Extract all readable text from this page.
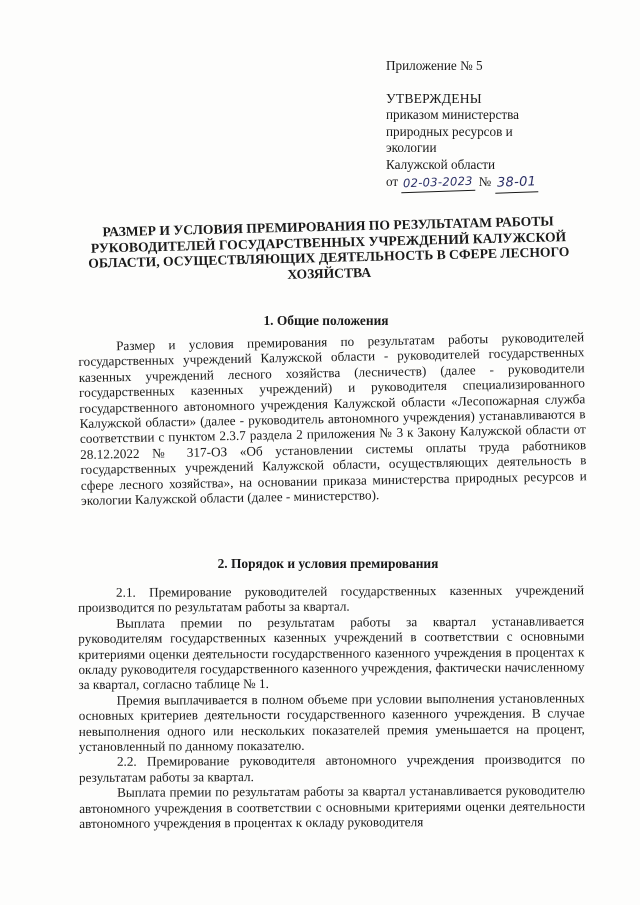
Приложение № 5

УТВЕРЖДЕНЫ

приказом министерства

природных ресурсов и

экологии

Калужской области

от 02-03-2023 № 38-01

РАЗМЕР И УСЛОВИЯ ПРЕМИРОВАНИЯ ПО РЕЗУЛЬТАТАМ РАБОТЫ РУКОВОДИТЕЛЕЙ ГОСУДАРСТВЕННЫХ УЧРЕЖДЕНИЙ КАЛУЖСКОЙ ОБЛАСТИ, ОСУЩЕСТВЛЯЮЩИХ ДЕЯТЕЛЬНОСТЬ В СФЕРЕ ЛЕСНОГО ХОЗЯЙСТВА
1. Общие положения

Размер и условия премирования по результатам работы руководителей государственных учреждений Калужской области - руководителей государственных казенных учреждений лесного хозяйства (лесничеств) (далее - руководители государственных казенных учреждений) и руководителя специализированного государственного автономного учреждения Калужской области «Лесопожарная служба Калужской области» (далее - руководитель автономного учреждения) устанавливаются в соответствии с пунктом 2.3.7 раздела 2 приложения № 3 к Закону Калужской области от 28.12.2022 № 317-ОЗ «Об установлении системы оплаты труда работников государственных учреждений Калужской области, осуществляющих деятельность в сфере лесного хозяйства», на основании приказа министерства природных ресурсов и экологии Калужской области (далее - министерство).

2. Порядок и условия премирования

2.1. Премирование руководителей государственных казенных учреждений производится по результатам работы за квартал.

Выплата премии по результатам работы за квартал устанавливается руководителям государственных казенных учреждений в соответствии с основными критериями оценки деятельности государственного казенного учреждения в процентах к окладу руководителя государственного казенного учреждения, фактически начисленному за квартал, согласно таблице № 1.

Премия выплачивается в полном объеме при условии выполнения установленных основных критериев деятельности государственного казенного учреждения. В случае невыполнения одного или нескольких показателей премия уменьшается на процент, установленный по данному показателю.

2.2. Премирование руководителя автономного учреждения производится по результатам работы за квартал.

Выплата премии по результатам работы за квартал устанавливается руководителю автономного учреждения в соответствии с основными критериями оценки деятельности автономного учреждения в процентах к окладу руководителя
